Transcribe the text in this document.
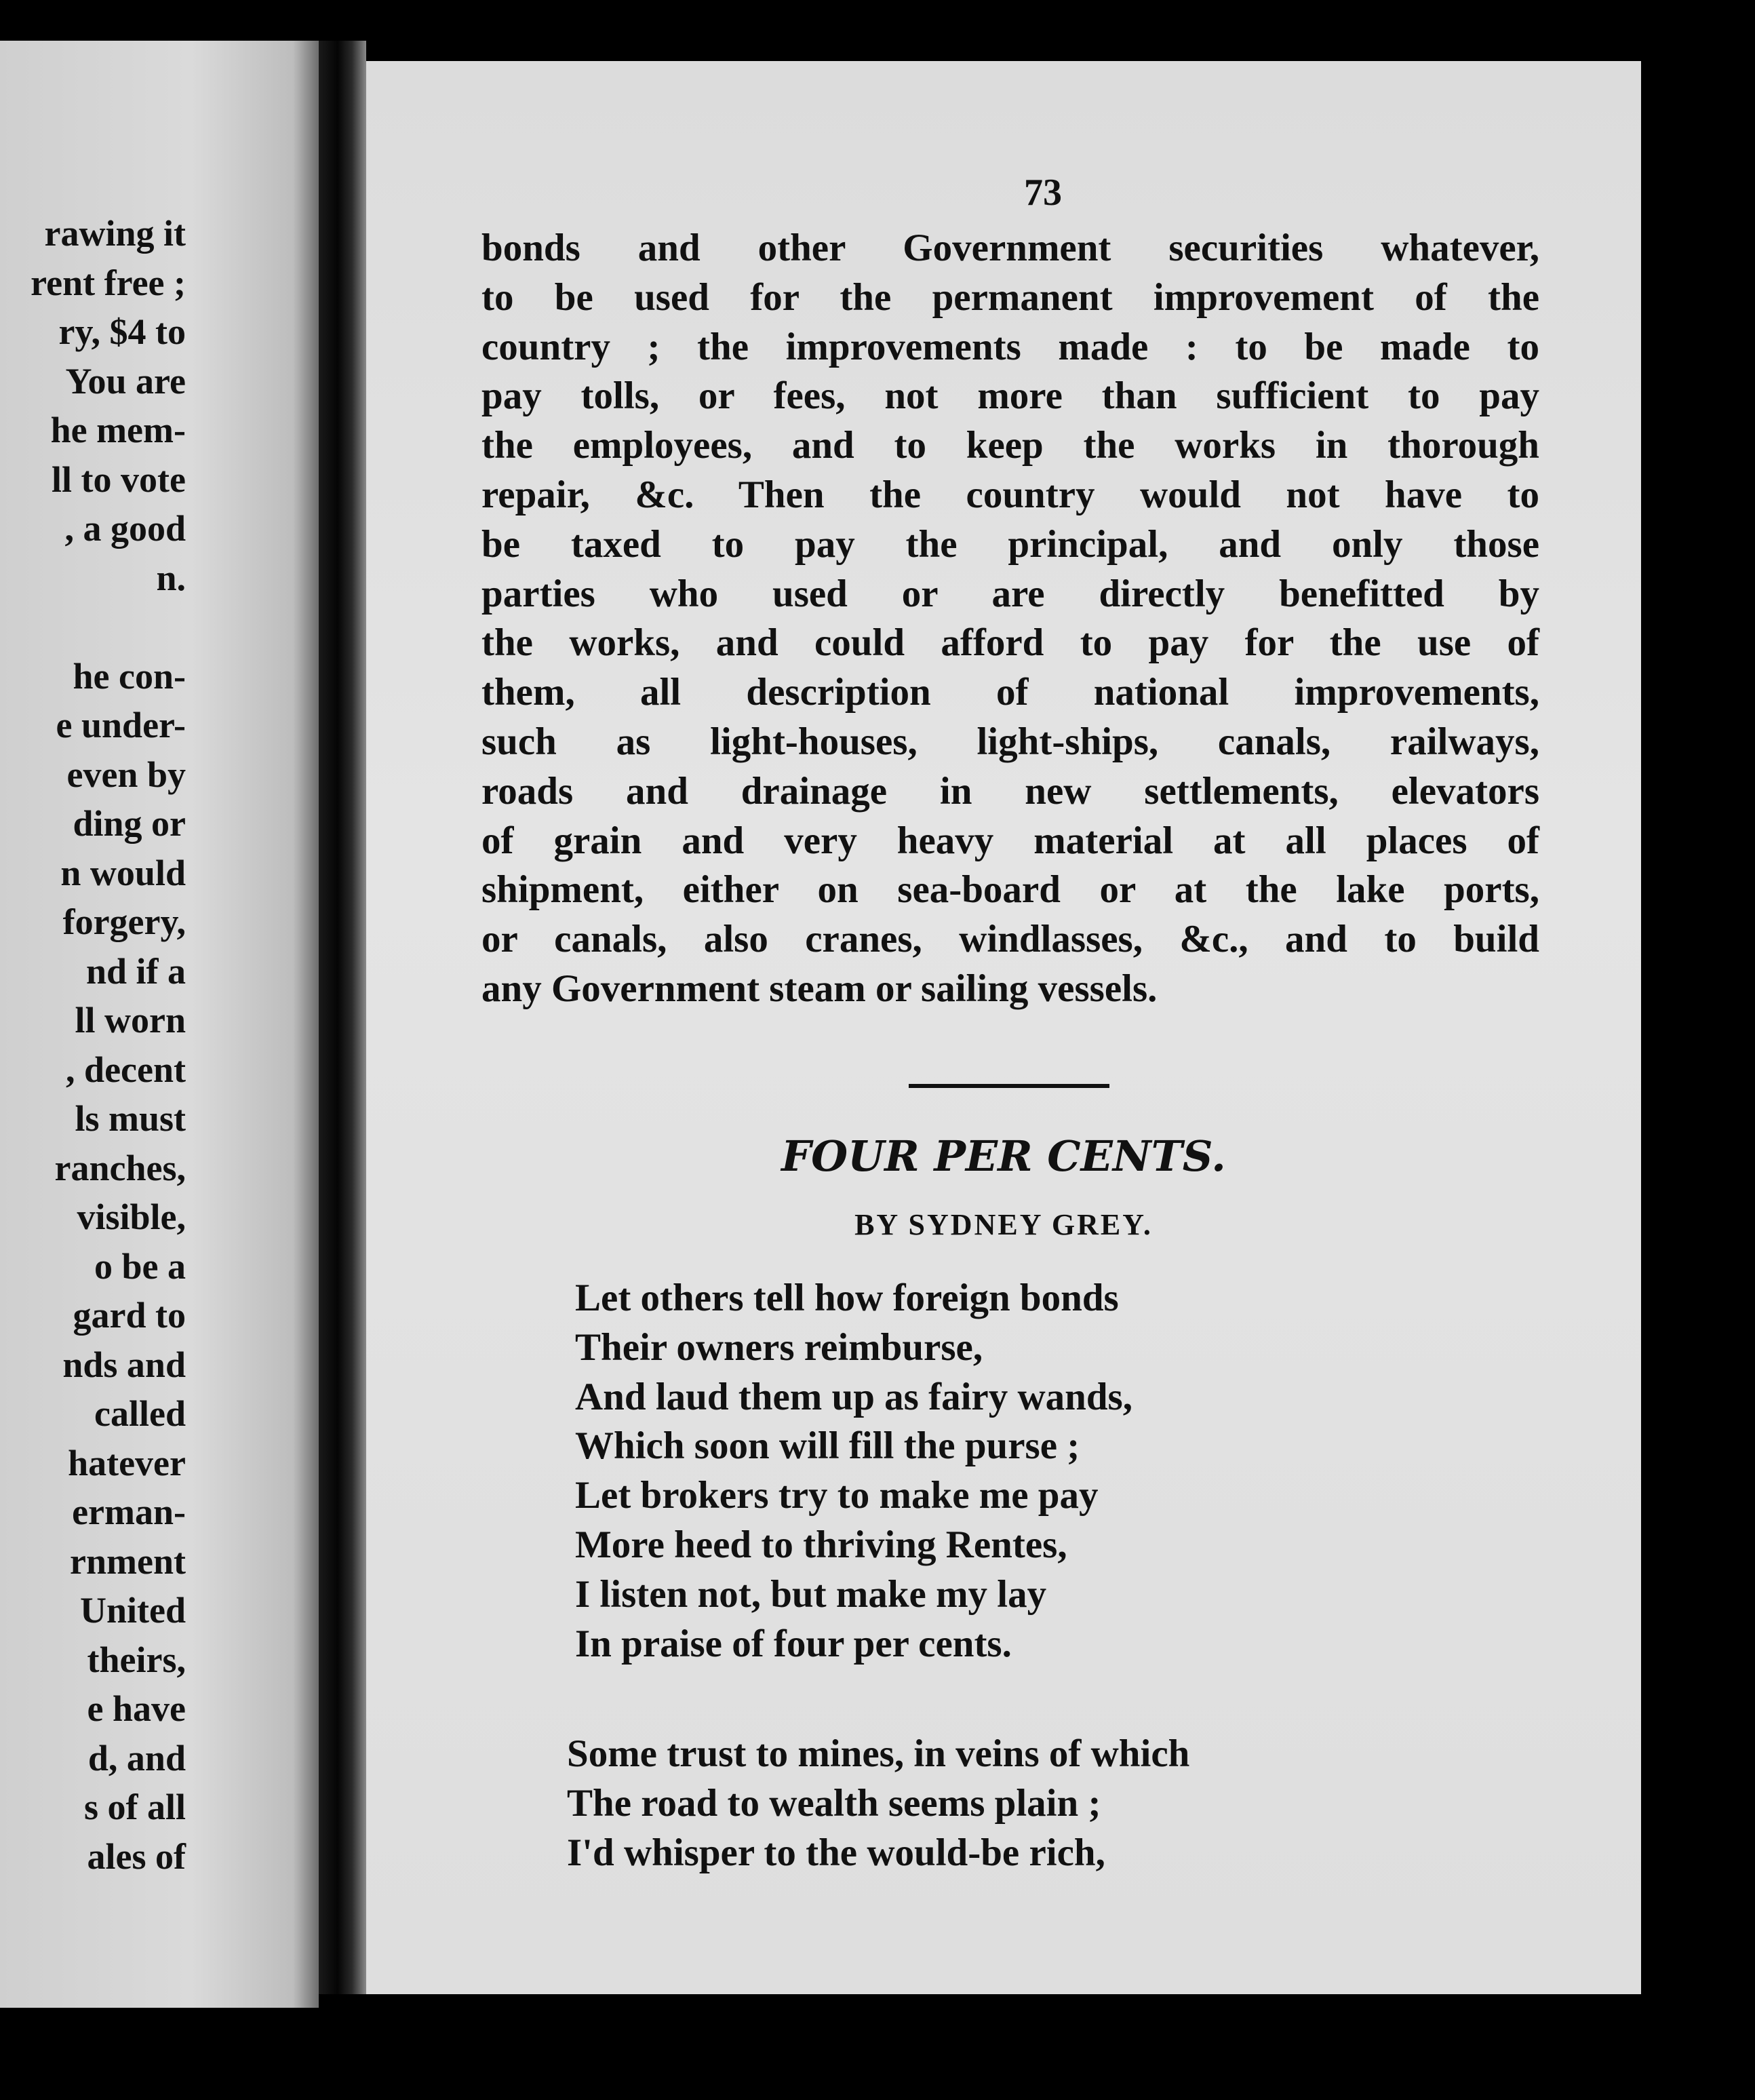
rawing it
rent free ;
ry, $4 to
You are
he mem-
ll to vote
, a good
n.

he con-
e under-
even by
ding or
n would
forgery,
nd if a
ll worn
, decent
ls must
ranches,
visible,
o be a
gard to
nds and
called
hatever
erman-
rnment
United
theirs,
e have
d, and
s of all
ales of
73
bonds and other Government securities whatever,
to be used for the permanent improvement of the
country ; the improvements made : to be made to
pay tolls, or fees, not more than sufficient to pay
the employees, and to keep the works in thorough
repair, &c. Then the country would not have to
be taxed to pay the principal, and only those
parties who used or are directly benefitted by
the works, and could afford to pay for the use of
them, all description of national improvements,
such as light-houses, light-ships, canals, railways,
roads and drainage in new settlements, elevators
of grain and very heavy material at all places of
shipment, either on sea-board or at the lake ports,
or canals, also cranes, windlasses, &c., and to build
any Government steam or sailing vessels.
FOUR PER CENTS.
BY SYDNEY GREY.
Let others tell how foreign bonds
Their owners reimburse,
And laud them up as fairy wands,
Which soon will fill the purse ;
Let brokers try to make me pay
More heed to thriving Rentes,
I listen not, but make my lay
In praise of four per cents.
Some trust to mines, in veins of which
The road to wealth seems plain ;
I'd whisper to the would-be rich,
